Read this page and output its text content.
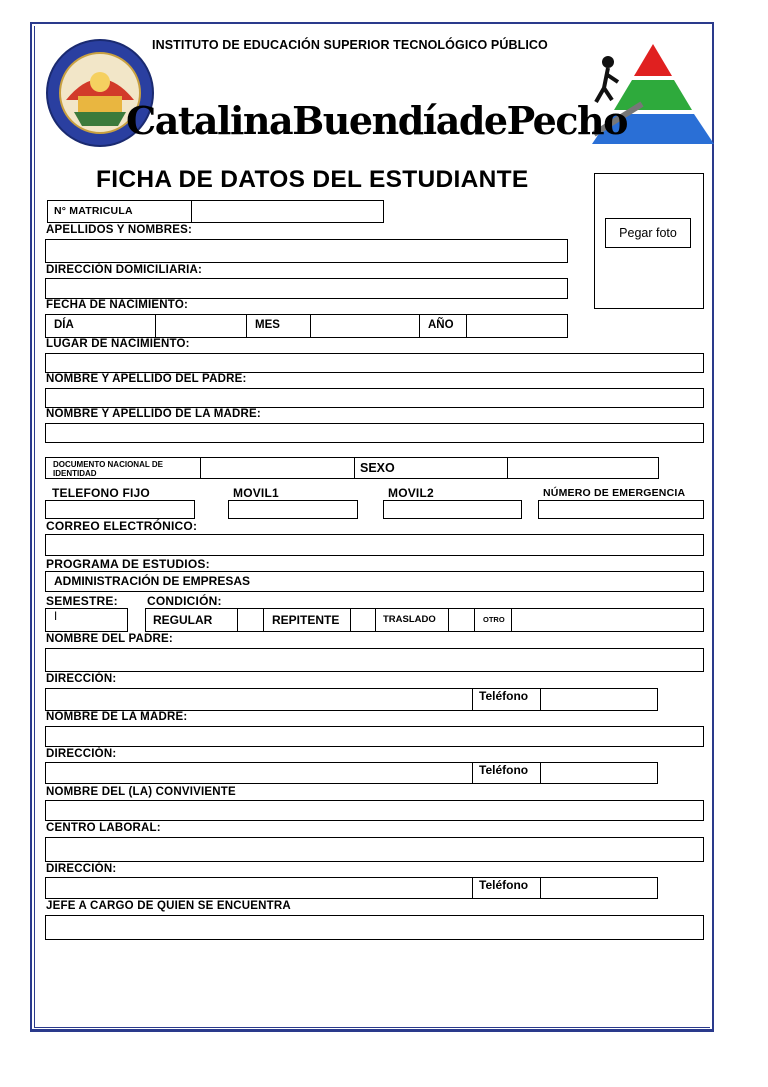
INSTITUTO DE EDUCACIÓN SUPERIOR TECNOLÓGICO PÚBLICO
CatalinaBuendíadePecho
FICHA DE DATOS DEL ESTUDIANTE
Pegar foto
N° MATRICULA
APELLIDOS Y NOMBRES:
DIRECCIÓN DOMICILIARIA:
FECHA DE NACIMIENTO:
DÍA	MES	AÑO
LUGAR DE NACIMIENTO:
NOMBRE Y APELLIDO DEL PADRE:
NOMBRE Y APELLIDO DE LA MADRE:
DOCUMENTO NACIONAL DE
IDENTIDAD	SEXO
TELEFONO FIJO	MOVIL1	MOVIL2	NÚMERO DE EMERGENCIA
CORREO ELECTRÓNICO:
PROGRAMA DE ESTUDIOS:
ADMINISTRACIÓN DE EMPRESAS
SEMESTRE: CONDICIÓN:
I	REGULAR	REPITENTE	TRASLADO	OTRO
NOMBRE DEL PADRE:
DIRECCIÓN:
Teléfono
NOMBRE DE LA MADRE:
DIRECCIÓN:
Teléfono
NOMBRE DEL (LA) CONVIVIENTE
CENTRO LABORAL:
DIRECCIÓN:
Teléfono
JEFE A CARGO DE QUIEN SE ENCUENTRA
